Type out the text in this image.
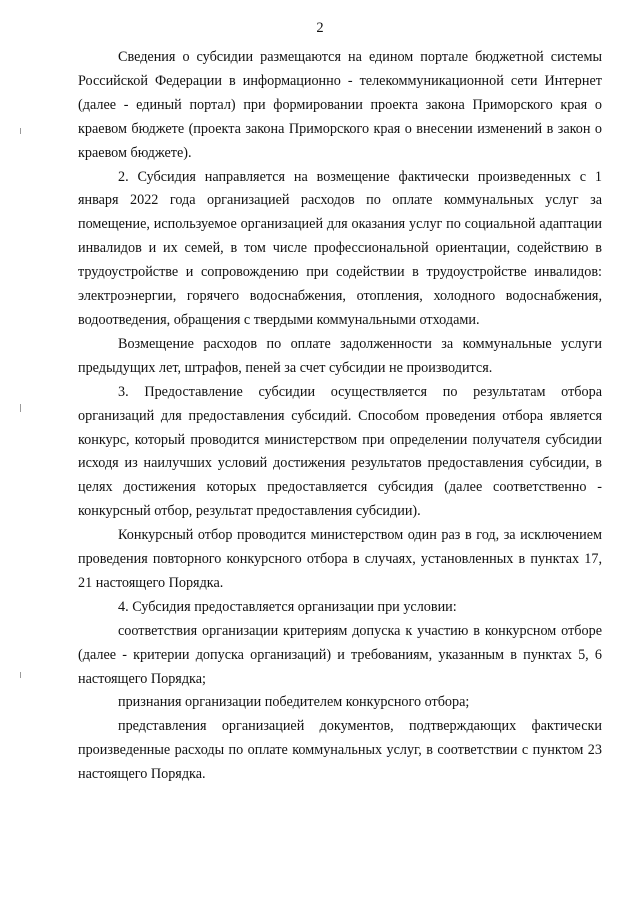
2

Сведения о субсидии размещаются на едином портале бюджетной системы Российской Федерации в информационно - телекоммуникационной сети Интернет (далее - единый портал) при формировании проекта закона Приморского края о краевом бюджете (проекта закона Приморского края о внесении изменений в закон о краевом бюджете).

2. Субсидия направляется на возмещение фактически произведенных с 1 января 2022 года организацией расходов по оплате коммунальных услуг за помещение, используемое организацией для оказания услуг по социальной адаптации инвалидов и их семей, в том числе профессиональной ориентации, содействию в трудоустройстве и сопровождению при содействии в трудоустройстве инвалидов: электроэнергии, горячего водоснабжения, отопления, холодного водоснабжения, водоотведения, обращения с твердыми коммунальными отходами.

Возмещение расходов по оплате задолженности за коммунальные услуги предыдущих лет, штрафов, пеней за счет субсидии не производится.

3. Предоставление субсидии осуществляется по результатам отбора организаций для предоставления субсидий. Способом проведения отбора является конкурс, который проводится министерством при определении получателя субсидии исходя из наилучших условий достижения результатов предоставления субсидии, в целях достижения которых предоставляется субсидия (далее соответственно - конкурсный отбор, результат предоставления субсидии).

Конкурсный отбор проводится министерством один раз в год, за исключением проведения повторного конкурсного отбора в случаях, установленных в пунктах 17, 21 настоящего Порядка.

4. Субсидия предоставляется организации при условии:

соответствия организации критериям допуска к участию в конкурсном отборе (далее - критерии допуска организаций) и требованиям, указанным в пунктах 5, 6 настоящего Порядка;

признания организации победителем конкурсного отбора;

представления организацией документов, подтверждающих фактически произведенные расходы по оплате коммунальных услуг, в соответствии с пунктом 23 настоящего Порядка.
